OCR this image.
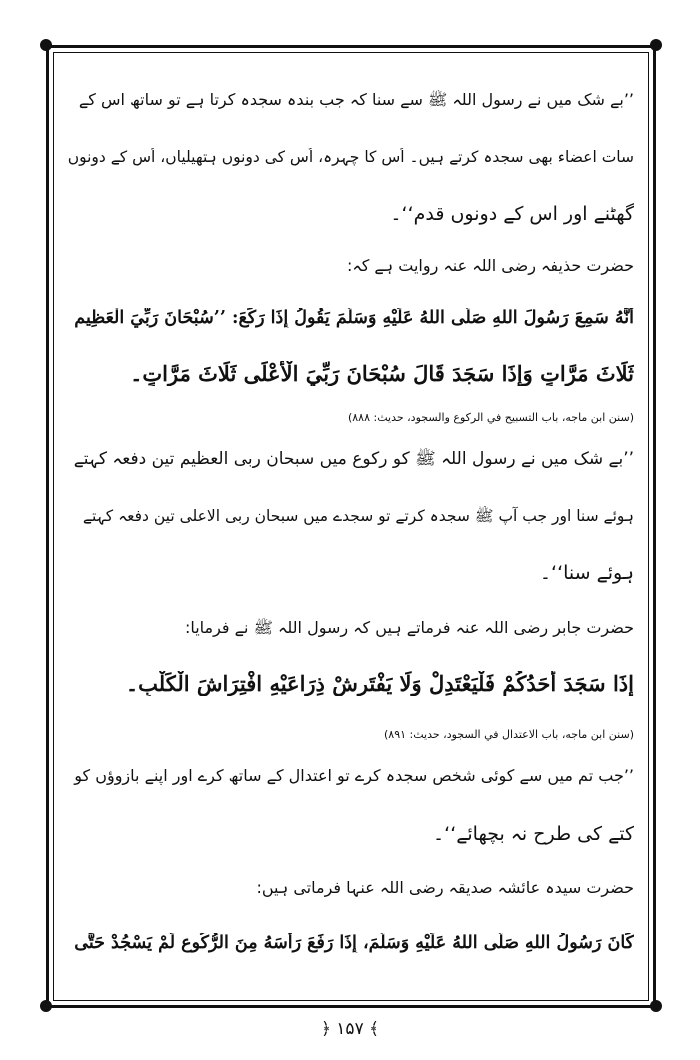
’’بے شک میں نے رسول اللہ ﷺ سے سنا کہ جب بندہ سجدہ کرتا ہے تو ساتھ اس کے
سات اعضاء بھی سجدہ کرتے ہیں۔ اُس کا چہرہ، اُس کی دونوں ہتھیلیاں، اُس کے دونوں
گھٹنے اور اس کے دونوں قدم‘‘۔
حضرت حذیفہ رضی اللہ عنہ روایت ہے کہ:
أَنَّهُ سَمِعَ رَسُولَ اللهِ صَلَّى اللهُ عَلَيْهِ وَسَلَّمَ يَقُولُ إِذَا رَكَعَ: ’’سُبْحَانَ رَبِّيَ الْعَظِيمِ
ثَلَاثَ مَرَّاتٍ وَإِذَا سَجَدَ قَالَ سُبْحَانَ رَبِّيَ الْأَعْلَى ثَلَاثَ مَرَّاتٍ۔
(سنن ابن ماجه، باب التسبيح في الركوع والسجود، حديث: ۸۸۸)
’’بے شک میں نے رسول اللہ ﷺ کو رکوع میں سبحان ربی العظیم تین دفعہ کہتے
ہوئے سنا اور جب آپ ﷺ سجدہ کرتے تو سجدے میں سبحان ربی الاعلی تین دفعہ کہتے
ہوئے سنا‘‘۔
حضرت جابر رضی اللہ عنہ فرماتے ہیں کہ رسول اللہ ﷺ نے فرمایا:
إِذَا سَجَدَ أَحَدُكُمْ فَلْيَعْتَدِلْ وَلَا يَفْتَرِشْ ذِرَاعَيْهِ افْتِرَاشَ الْكَلْبِ۔
(سنن ابن ماجه، باب الاعتدال في السجود، حديث: ۸۹۱)
’’جب تم میں سے کوئی شخص سجدہ کرے تو اعتدال کے ساتھ کرے اور اپنے بازوؤں کو
کتے کی طرح نہ بچھائے‘‘۔
حضرت سیدہ عائشہ صدیقہ رضی اللہ عنہا فرماتی ہیں:
كَانَ رَسُولُ اللهِ صَلَّى اللهُ عَلَيْهِ وَسَلَّمَ، إِذَا رَفَعَ رَأْسَهُ مِنَ الرُّكُوعِ لَمْ يَسْجُدْ حَتَّى
﴿ ۱۵۷ ﴾
